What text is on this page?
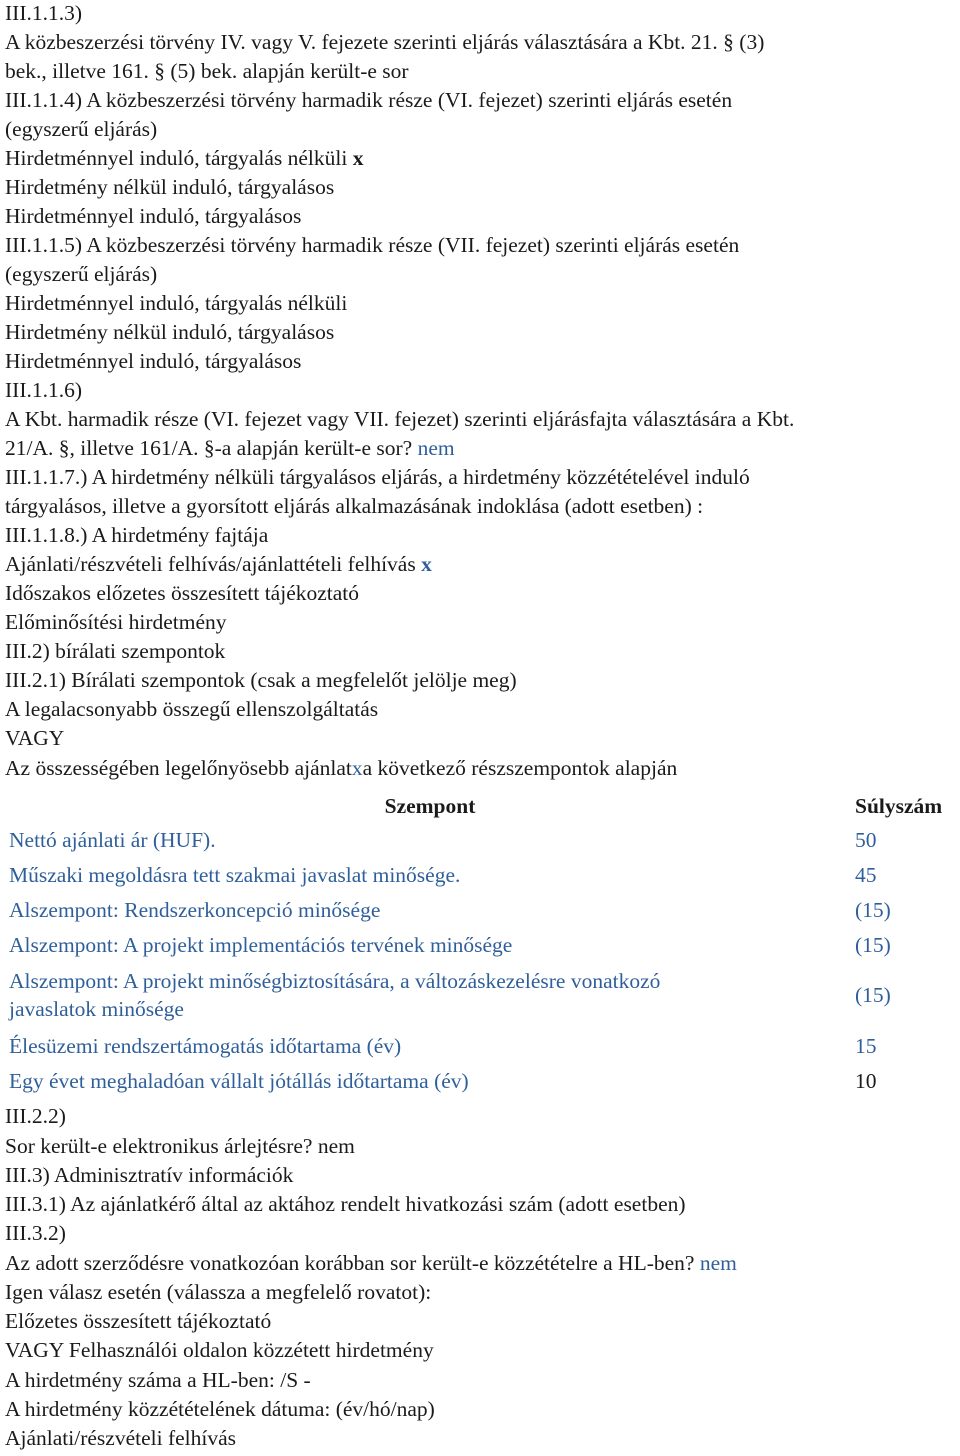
III.1.1.3)
A közbeszerzési törvény IV. vagy V. fejezete szerinti eljárás választására a Kbt. 21. § (3)
bek., illetve 161. § (5) bek. alapján került-e sor
III.1.1.4) A közbeszerzési törvény harmadik része (VI. fejezet) szerinti eljárás esetén
(egyszerű eljárás)
Hirdetménnyel induló, tárgyalás nélküli x
Hirdetmény nélkül induló, tárgyalásos
Hirdetménnyel induló, tárgyalásos
III.1.1.5) A közbeszerzési törvény harmadik része (VII. fejezet) szerinti eljárás esetén
(egyszerű eljárás)
Hirdetménnyel induló, tárgyalás nélküli
Hirdetmény nélkül induló, tárgyalásos
Hirdetménnyel induló, tárgyalásos
III.1.1.6)
A Kbt. harmadik része (VI. fejezet vagy VII. fejezet) szerinti eljárásfajta választására a Kbt.
21/A. §, illetve 161/A. §-a alapján került-e sor? nem
III.1.1.7.) A hirdetmény nélküli tárgyalásos eljárás, a hirdetmény közzétételével induló
tárgyalásos, illetve a gyorsított eljárás alkalmazásának indoklása (adott esetben) :
III.1.1.8.) A hirdetmény fajtája
Ajánlati/részvételi felhívás/ajánlattételi felhívás x
Időszakos előzetes összesített tájékoztató
Előminősítési hirdetmény
III.2) bírálati szempontok
III.2.1) Bírálati szempontok (csak a megfelelőt jelölje meg)
A legalacsonyabb összegű ellenszolgáltatás
VAGY
Az összességében legelőnyösebb ajánlatxa következő részszempontok alapján
Szempont	Súlyszám
Nettó ajánlati ár (HUF).	50
Műszaki megoldásra tett szakmai javaslat minősége.	45
Alszempont: Rendszerkoncepció minősége	(15)
Alszempont: A projekt implementációs tervének minősége	(15)

Alszempont: A projekt minőségbiztosítására, a változáskezelésre vonatkozó
javaslatok minősége	(15)
Élesüzemi rendszertámogatás időtartama (év)	15
Egy évet meghaladóan vállalt jótállás időtartama (év)	10
III.2.2)
Sor került-e elektronikus árlejtésre? nem
III.3) Adminisztratív információk
III.3.1) Az ajánlatkérő által az aktához rendelt hivatkozási szám (adott esetben)
III.3.2)
Az adott szerződésre vonatkozóan korábban sor került-e közzétételre a HL-ben? nem
Igen válasz esetén (válassza a megfelelő rovatot):
Előzetes összesített tájékoztató
VAGY Felhasználói oldalon közzétett hirdetmény
A hirdetmény száma a HL-ben: /S -
A hirdetmény közzétételének dátuma: (év/hó/nap)
Ajánlati/részvételi felhívás
